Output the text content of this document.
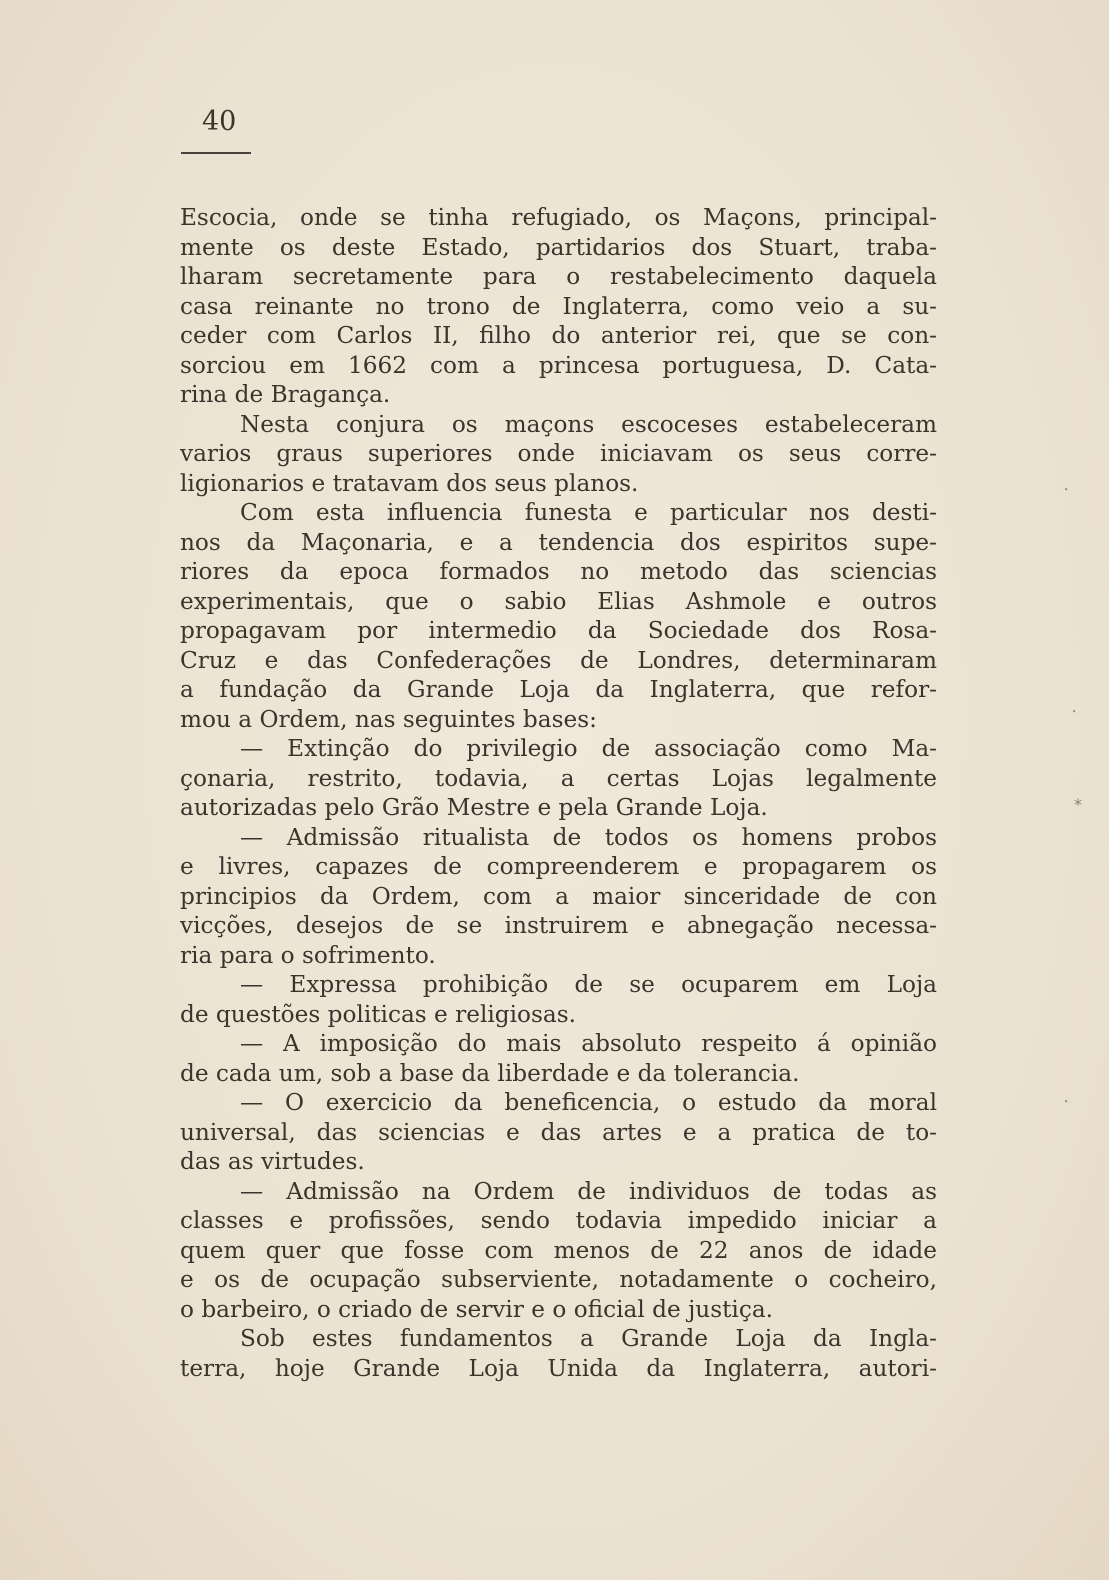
40
Escocia, onde se tinha refugiado, os Maçons, principal-
mente os deste Estado, partidarios dos Stuart, traba-
lharam secretamente para o restabelecimento daquela
casa reinante no trono de Inglaterra, como veio a su-
ceder com Carlos II, filho do anterior rei, que se con-
sorciou em 1662 com a princesa portuguesa, D. Cata-
rina de Bragança.
Nesta conjura os maçons escoceses estabeleceram
varios graus superiores onde iniciavam os seus corre-
ligionarios e tratavam dos seus planos.
Com esta influencia funesta e particular nos desti-
nos da Maçonaria, e a tendencia dos espiritos supe-
riores da epoca formados no metodo das sciencias
experimentais, que o sabio Elias Ashmole e outros
propagavam por intermedio da Sociedade dos Rosa-
Cruz e das Confederações de Londres, determinaram
a fundação da Grande Loja da Inglaterra, que refor-
mou a Ordem, nas seguintes bases:
— Extinção do privilegio de associação como Ma-
çonaria, restrito, todavia, a certas Lojas legalmente
autorizadas pelo Grão Mestre e pela Grande Loja.
— Admissão ritualista de todos os homens probos
e livres, capazes de compreenderem e propagarem os
principios da Ordem, com a maior sinceridade de con
vicções, desejos de se instruirem e abnegação necessa-
ria para o sofrimento.
— Expressa prohibição de se ocuparem em Loja
de questões politicas e religiosas.
— A imposição do mais absoluto respeito á opinião
de cada um, sob a base da liberdade e da tolerancia.
— O exercicio da beneficencia, o estudo da moral
universal, das sciencias e das artes e a pratica de to-
das as virtudes.
— Admissão na Ordem de individuos de todas as
classes e profissões, sendo todavia impedido iniciar a
quem quer que fosse com menos de 22 anos de idade
e os de ocupação subserviente, notadamente o cocheiro,
o barbeiro, o criado de servir e o oficial de justiça.
Sob estes fundamentos a Grande Loja da Ingla-
terra, hoje Grande Loja Unida da Inglaterra, autori-
⸱
⸱
*
⸱
